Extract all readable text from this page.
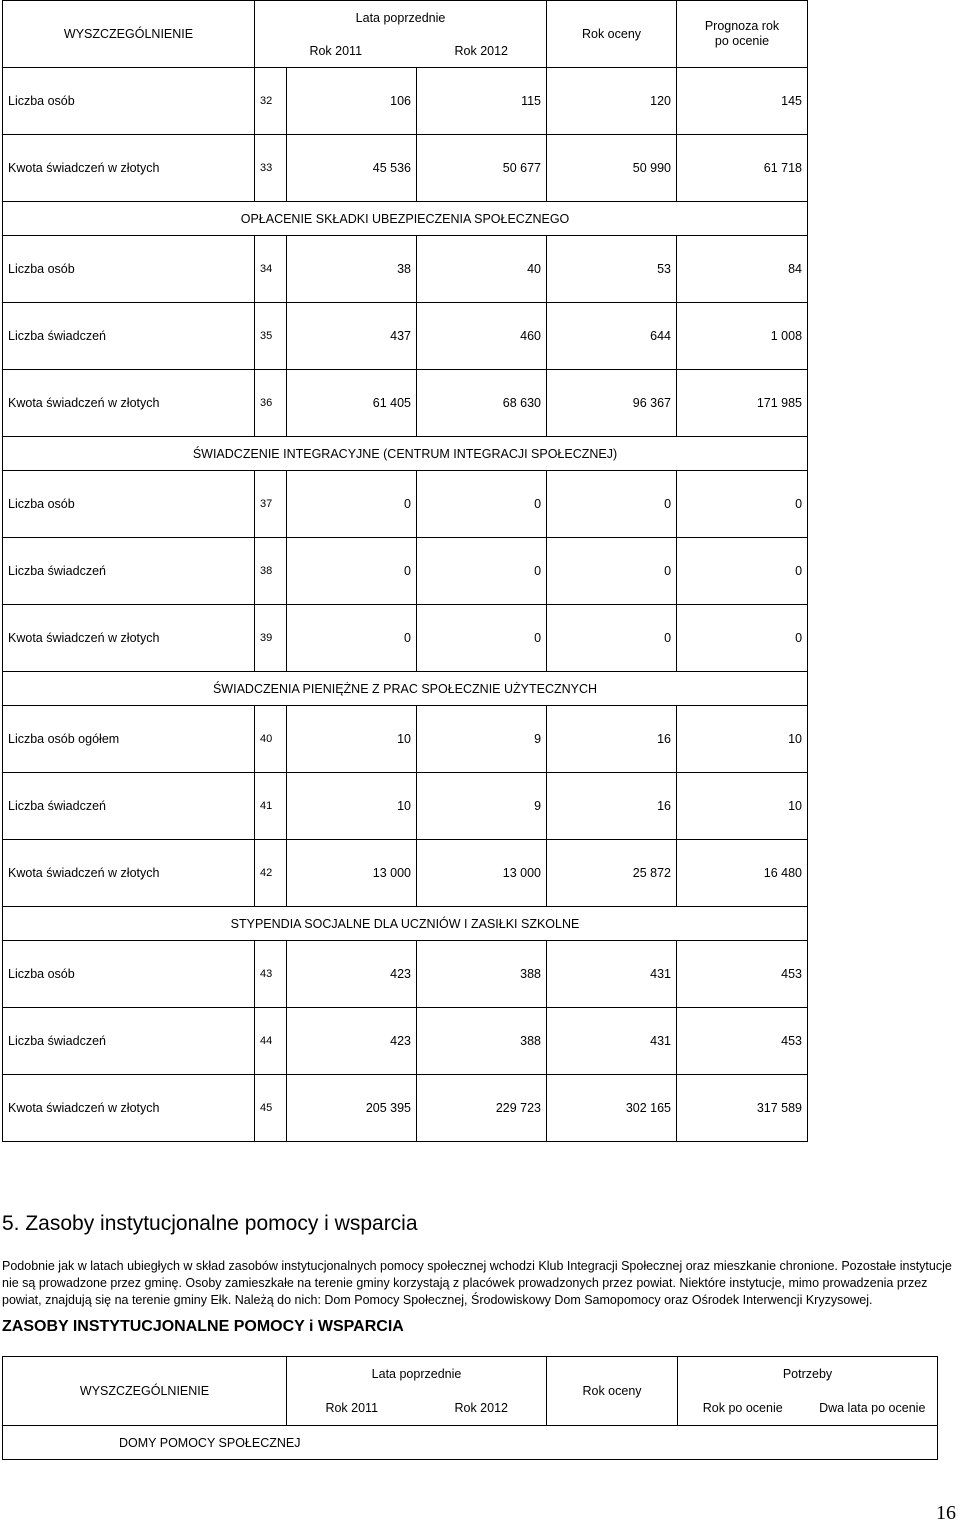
WYSZCZEGÓLNIENIE	Lata poprzednie			Rok oceny	Prognoza rok po ocenie
	Rok 2011		Rok 2012		
Liczba osób	32	106	115	120	145
Kwota świadczeń w złotych	33	45 536	50 677	50 990	61 718
OPŁACENIE SKŁADKI UBEZPIECZENIA SPOŁECZNEGO					
Liczba osób	34	38	40	53	84
Liczba świadczeń	35	437	460	644	1 008
Kwota świadczeń w złotych	36	61 405	68 630	96 367	171 985
ŚWIADCZENIE INTEGRACYJNE (CENTRUM INTEGRACJI SPOŁECZNEJ)					
Liczba osób	37	0	0	0	0
Liczba świadczeń	38	0	0	0	0
Kwota świadczeń w złotych	39	0	0	0	0
ŚWIADCZENIA PIENIĘŻNE Z PRAC SPOŁECZNIE UŻYTECZNYCH					
Liczba osób ogółem	40	10	9	16	10
Liczba świadczeń	41	10	9	16	10
Kwota świadczeń w złotych	42	13 000	13 000	25 872	16 480
STYPENDIA SOCJALNE DLA UCZNIÓW I ZASIŁKI SZKOLNE					
Liczba osób	43	423	388	431	453
Liczba świadczeń	44	423	388	431	453
Kwota świadczeń w złotych	45	205 395	229 723	302 165	317 589
5. Zasoby instytucjonalne pomocy i wsparcia

Podobnie jak w latach ubiegłych w skład zasobów instytucjonalnych pomocy społecznej wchodzi Klub Integracji Społecznej oraz mieszkanie chronione. Pozostałe instytucje nie są prowadzone przez gminę. Osoby zamieszkałe na terenie gminy korzystają z placówek prowadzonych przez powiat. Niektóre instytucje, mimo prowadzenia przez powiat, znajdują się na terenie gminy Ełk. Należą do nich: Dom Pomocy Społecznej, Środowiskowy Dom Samopomocy oraz Ośrodek Interwencji Kryzysowej.

ZASOBY INSTYTUCJONALNE POMOCY i WSPARCIA
WYSZCZEGÓLNIENIE	Lata poprzednie		Rok oceny	Potrzeby	
	Rok 2011	Rok 2012		Rok po ocenie	Dwa lata po ocenie
DOMY POMOCY SPOŁECZNEJ					
16
